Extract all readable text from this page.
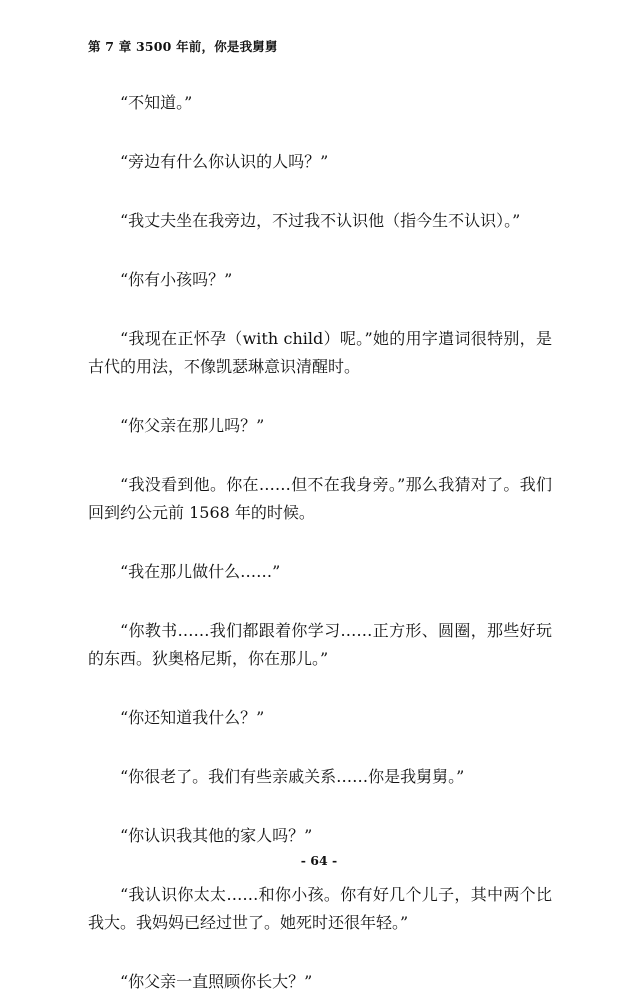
第 7 章 3500 年前，你是我舅舅

“不知道。”

“旁边有什么你认识的人吗？”

“我丈夫坐在我旁边，不过我不认识他（指今生不认识）。”

“你有小孩吗？”

“我现在正怀孕（with child）呢。”她的用字遣词很特别，是古代的用法，不像凯瑟琳意识清醒时。

“你父亲在那儿吗？”

“我没看到他。你在……但不在我身旁。”那么我猜对了。我们回到约公元前 1568 年的时候。

“我在那儿做什么……”

“你教书……我们都跟着你学习……正方形、圆圈，那些好玩的东西。狄奥格尼斯，你在那儿。”

“你还知道我什么？”

“你很老了。我们有些亲戚关系……你是我舅舅。”

“你认识我其他的家人吗？”

“我认识你太太……和你小孩。你有好几个儿子，其中两个比我大。我妈妈已经过世了。她死时还很年轻。”

“你父亲一直照顾你长大？”

- 64 -
